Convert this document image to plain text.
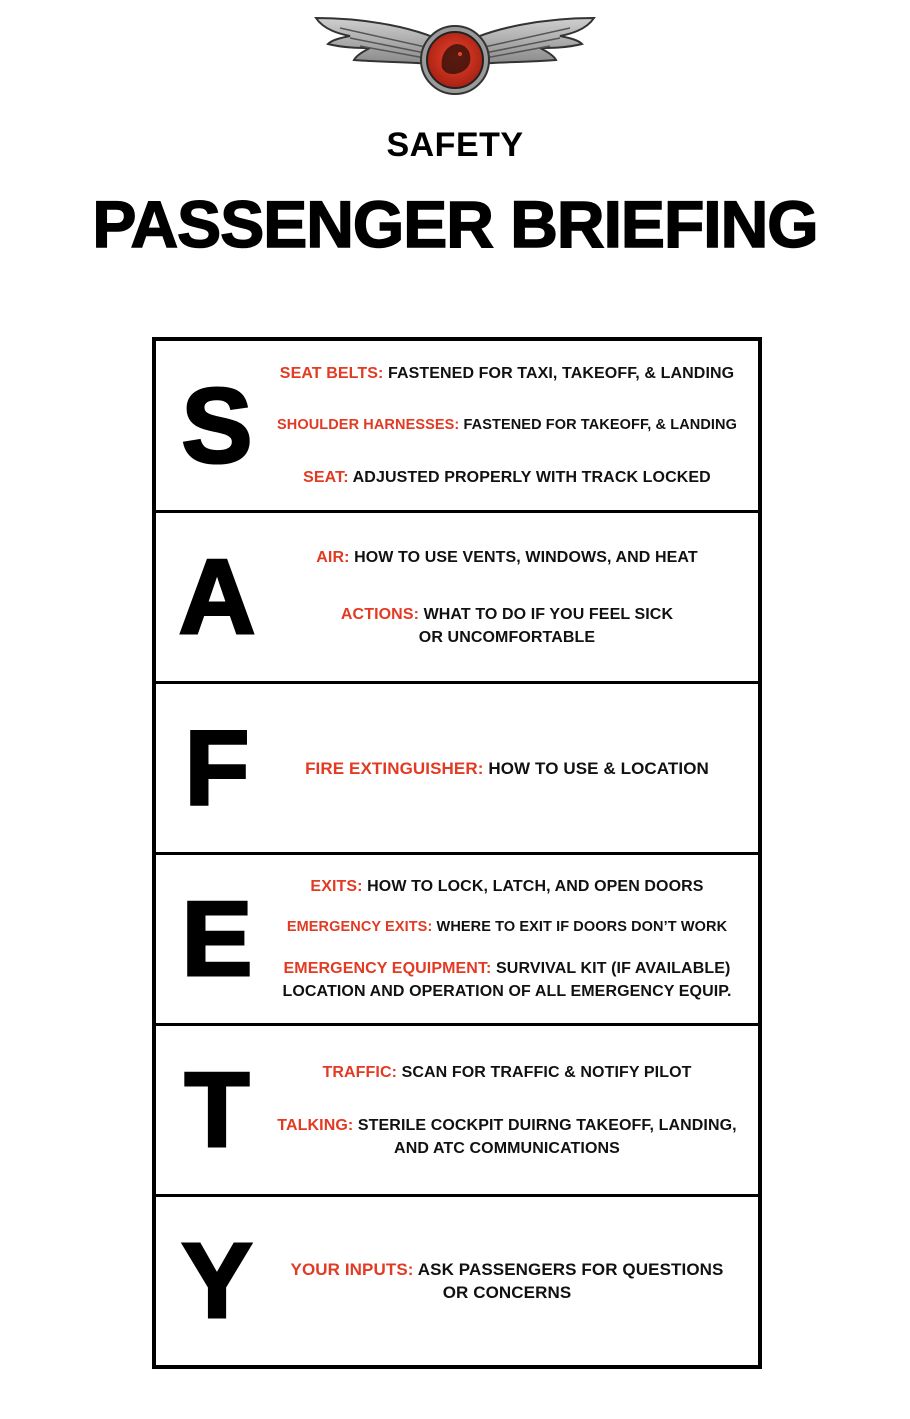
SAFETY
PASSENGER BRIEFING
S	SEAT BELTS: FASTENED FOR TAXI, TAKEOFF, & LANDING
SHOULDER HARNESSES: FASTENED FOR TAKEOFF, & LANDING
SEAT: ADJUSTED PROPERLY WITH TRACK LOCKED
A	AIR: HOW TO USE VENTS, WINDOWS, AND HEAT
ACTIONS: WHAT TO DO IF YOU FEEL SICK
OR UNCOMFORTABLE
F	FIRE EXTINGUISHER: HOW TO USE & LOCATION
E	EXITS: HOW TO LOCK, LATCH, AND OPEN DOORS
EMERGENCY EXITS: WHERE TO EXIT IF DOORS DON’T WORK
EMERGENCY EQUIPMENT: SURVIVAL KIT (IF AVAILABLE)
LOCATION AND OPERATION OF ALL EMERGENCY EQUIP.
T	TRAFFIC: SCAN FOR TRAFFIC & NOTIFY PILOT
TALKING: STERILE COCKPIT DUIRNG TAKEOFF, LANDING,
AND ATC COMMUNICATIONS
Y	YOUR INPUTS: ASK PASSENGERS FOR QUESTIONS
OR CONCERNS
